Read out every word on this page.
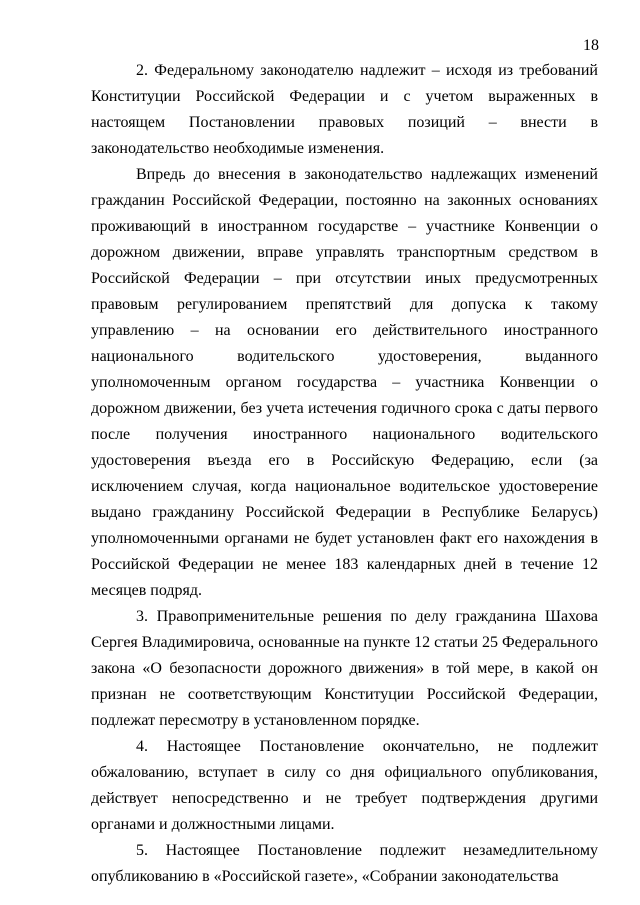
18

2. Федеральному законодателю надлежит – исходя из требований Конституции Российской Федерации и с учетом выраженных в настоящем Постановлении правовых позиций – внести в законодательство необходимые изменения.

Впредь до внесения в законодательство надлежащих изменений гражданин Российской Федерации, постоянно на законных основаниях проживающий в иностранном государстве – участнике Конвенции о дорожном движении, вправе управлять транспортным средством в Российской Федерации – при отсутствии иных предусмотренных правовым регулированием препятствий для допуска к такому управлению – на основании его действительного иностранного национального водительского удостоверения, выданного уполномоченным органом государства – участника Конвенции о дорожном движении, без учета истечения годичного срока с даты первого после получения иностранного национального водительского удостоверения въезда его в Российскую Федерацию, если (за исключением случая, когда национальное водительское удостоверение выдано гражданину Российской Федерации в Республике Беларусь) уполномоченными органами не будет установлен факт его нахождения в Российской Федерации не менее 183 календарных дней в течение 12 месяцев подряд.

3. Правоприменительные решения по делу гражданина Шахова Сергея Владимировича, основанные на пункте 12 статьи 25 Федерального закона «О безопасности дорожного движения» в той мере, в какой он признан не соответствующим Конституции Российской Федерации, подлежат пересмотру в установленном порядке.

4. Настоящее Постановление окончательно, не подлежит обжалованию, вступает в силу со дня официального опубликования, действует непосредственно и не требует подтверждения другими органами и должностными лицами.

5. Настоящее Постановление подлежит незамедлительному опубликованию в «Российской газете», «Собрании законодательства
